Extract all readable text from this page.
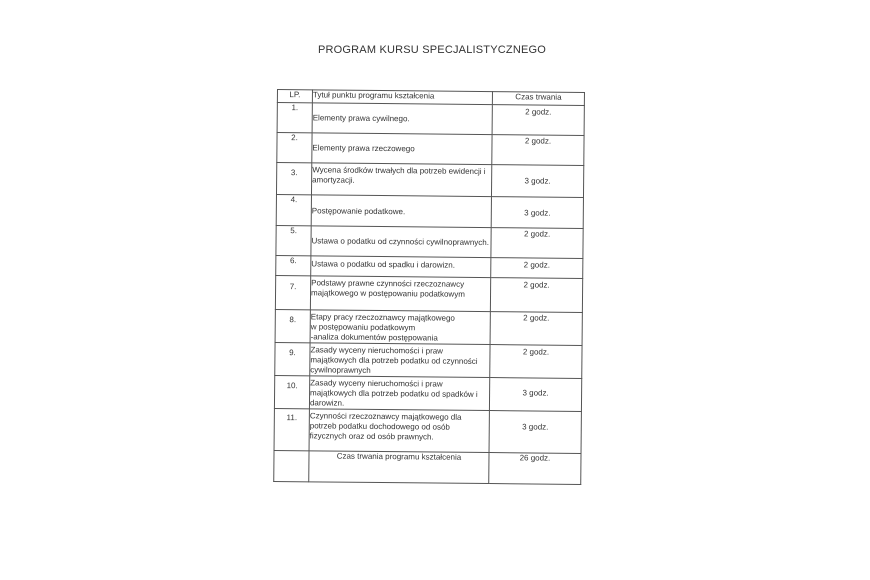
PROGRAM KURSU SPECJALISTYCZNEGO
LP.	Tytuł punktu programu kształcenia	Czas trwania
1.	Elementy prawa cywilnego.	2 godz.
2.	Elementy prawa rzeczowego	2 godz.
3.	Wycena środków trwałych dla potrzeb ewidencji i amortyzacji.	3 godz.
4.	Postępowanie podatkowe.	3 godz.
5.	Ustawa o podatku od czynności cywilnoprawnych.	2 godz.
6.	Ustawa o podatku od spadku i darowizn.	2 godz.
7.	Podstawy prawne czynności rzeczoznawcy majątkowego w postępowaniu podatkowym	2 godz.
8.	Etapy pracy rzeczoznawcy majątkowego
w postępowaniu podatkowym
-analiza dokumentów postępowania	2 godz.
9.	Zasady wyceny nieruchomości i praw majątkowych dla potrzeb podatku od czynności cywilnoprawnych	2 godz.
10.	Zasady wyceny nieruchomości i praw majątkowych dla potrzeb podatku od spadków i darowizn.	3 godz.
11.	Czynności rzeczoznawcy majątkowego dla potrzeb podatku dochodowego od osób fizycznych oraz od osób prawnych.	3 godz.
	Czas trwania programu kształcenia	26 godz.
